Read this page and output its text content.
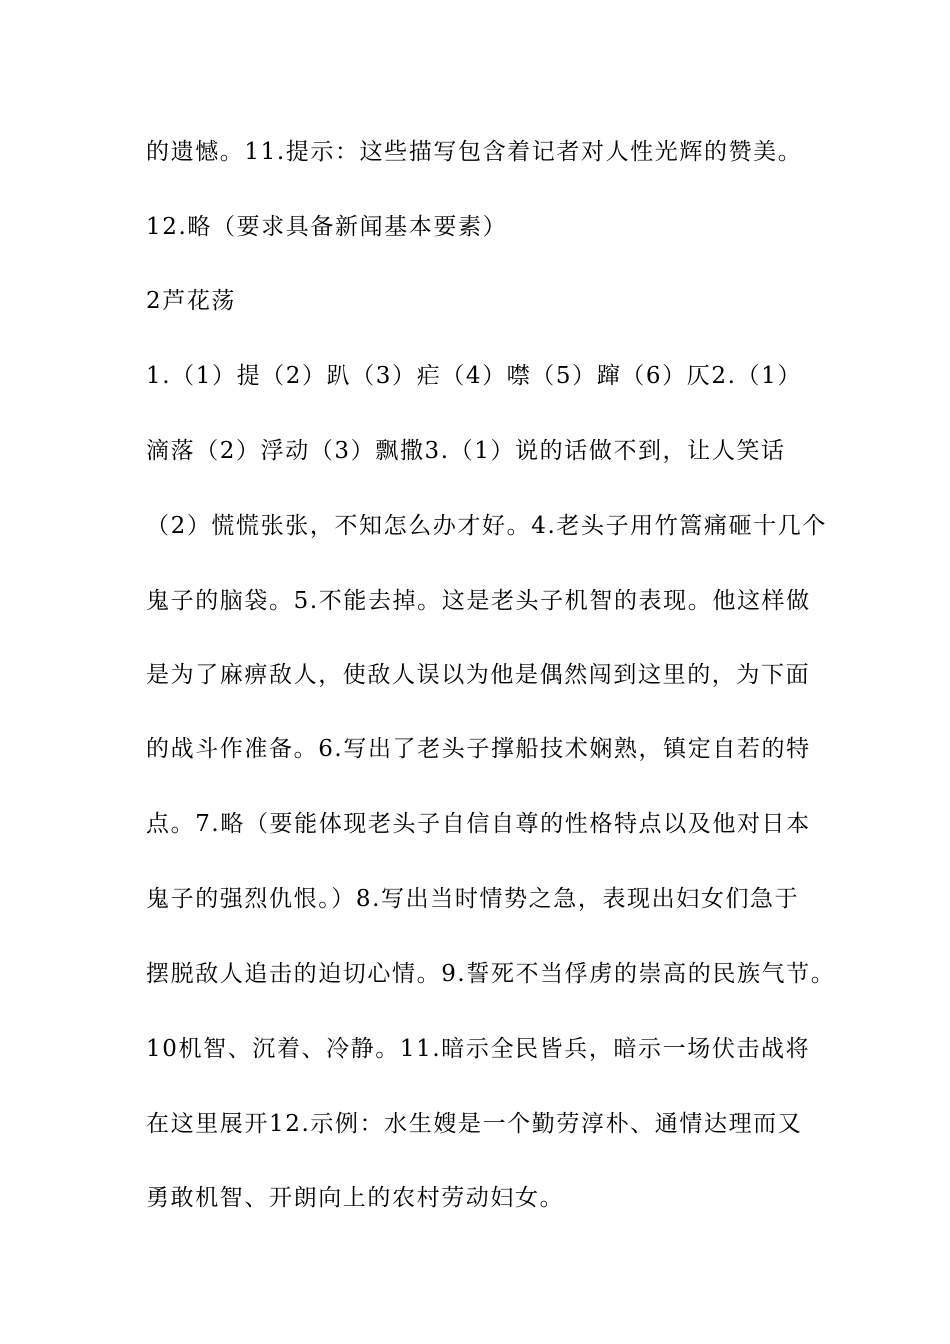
的遗憾。11.提示：这些描写包含着记者对人性光辉的赞美。
12.略（要求具备新闻基本要素）
2芦花荡
1.（1）提（2）趴（3）疟（4）噤（5）蹿（6）仄2.（1）
滴落（2）浮动（3）飘撒3.（1）说的话做不到，让人笑话
（2）慌慌张张，不知怎么办才好。4.老头子用竹篙痛砸十几个
鬼子的脑袋。5.不能去掉。这是老头子机智的表现。他这样做
是为了麻痹敌人，使敌人误以为他是偶然闯到这里的，为下面
的战斗作准备。6.写出了老头子撑船技术娴熟，镇定自若的特
点。7.略（要能体现老头子自信自尊的性格特点以及他对日本
鬼子的强烈仇恨。）8.写出当时情势之急，表现出妇女们急于
摆脱敌人追击的迫切心情。9.誓死不当俘虏的崇高的民族气节。
10机智、沉着、冷静。11.暗示全民皆兵，暗示一场伏击战将
在这里展开12.示例：水生嫂是一个勤劳淳朴、通情达理而又
勇敢机智、开朗向上的农村劳动妇女。
